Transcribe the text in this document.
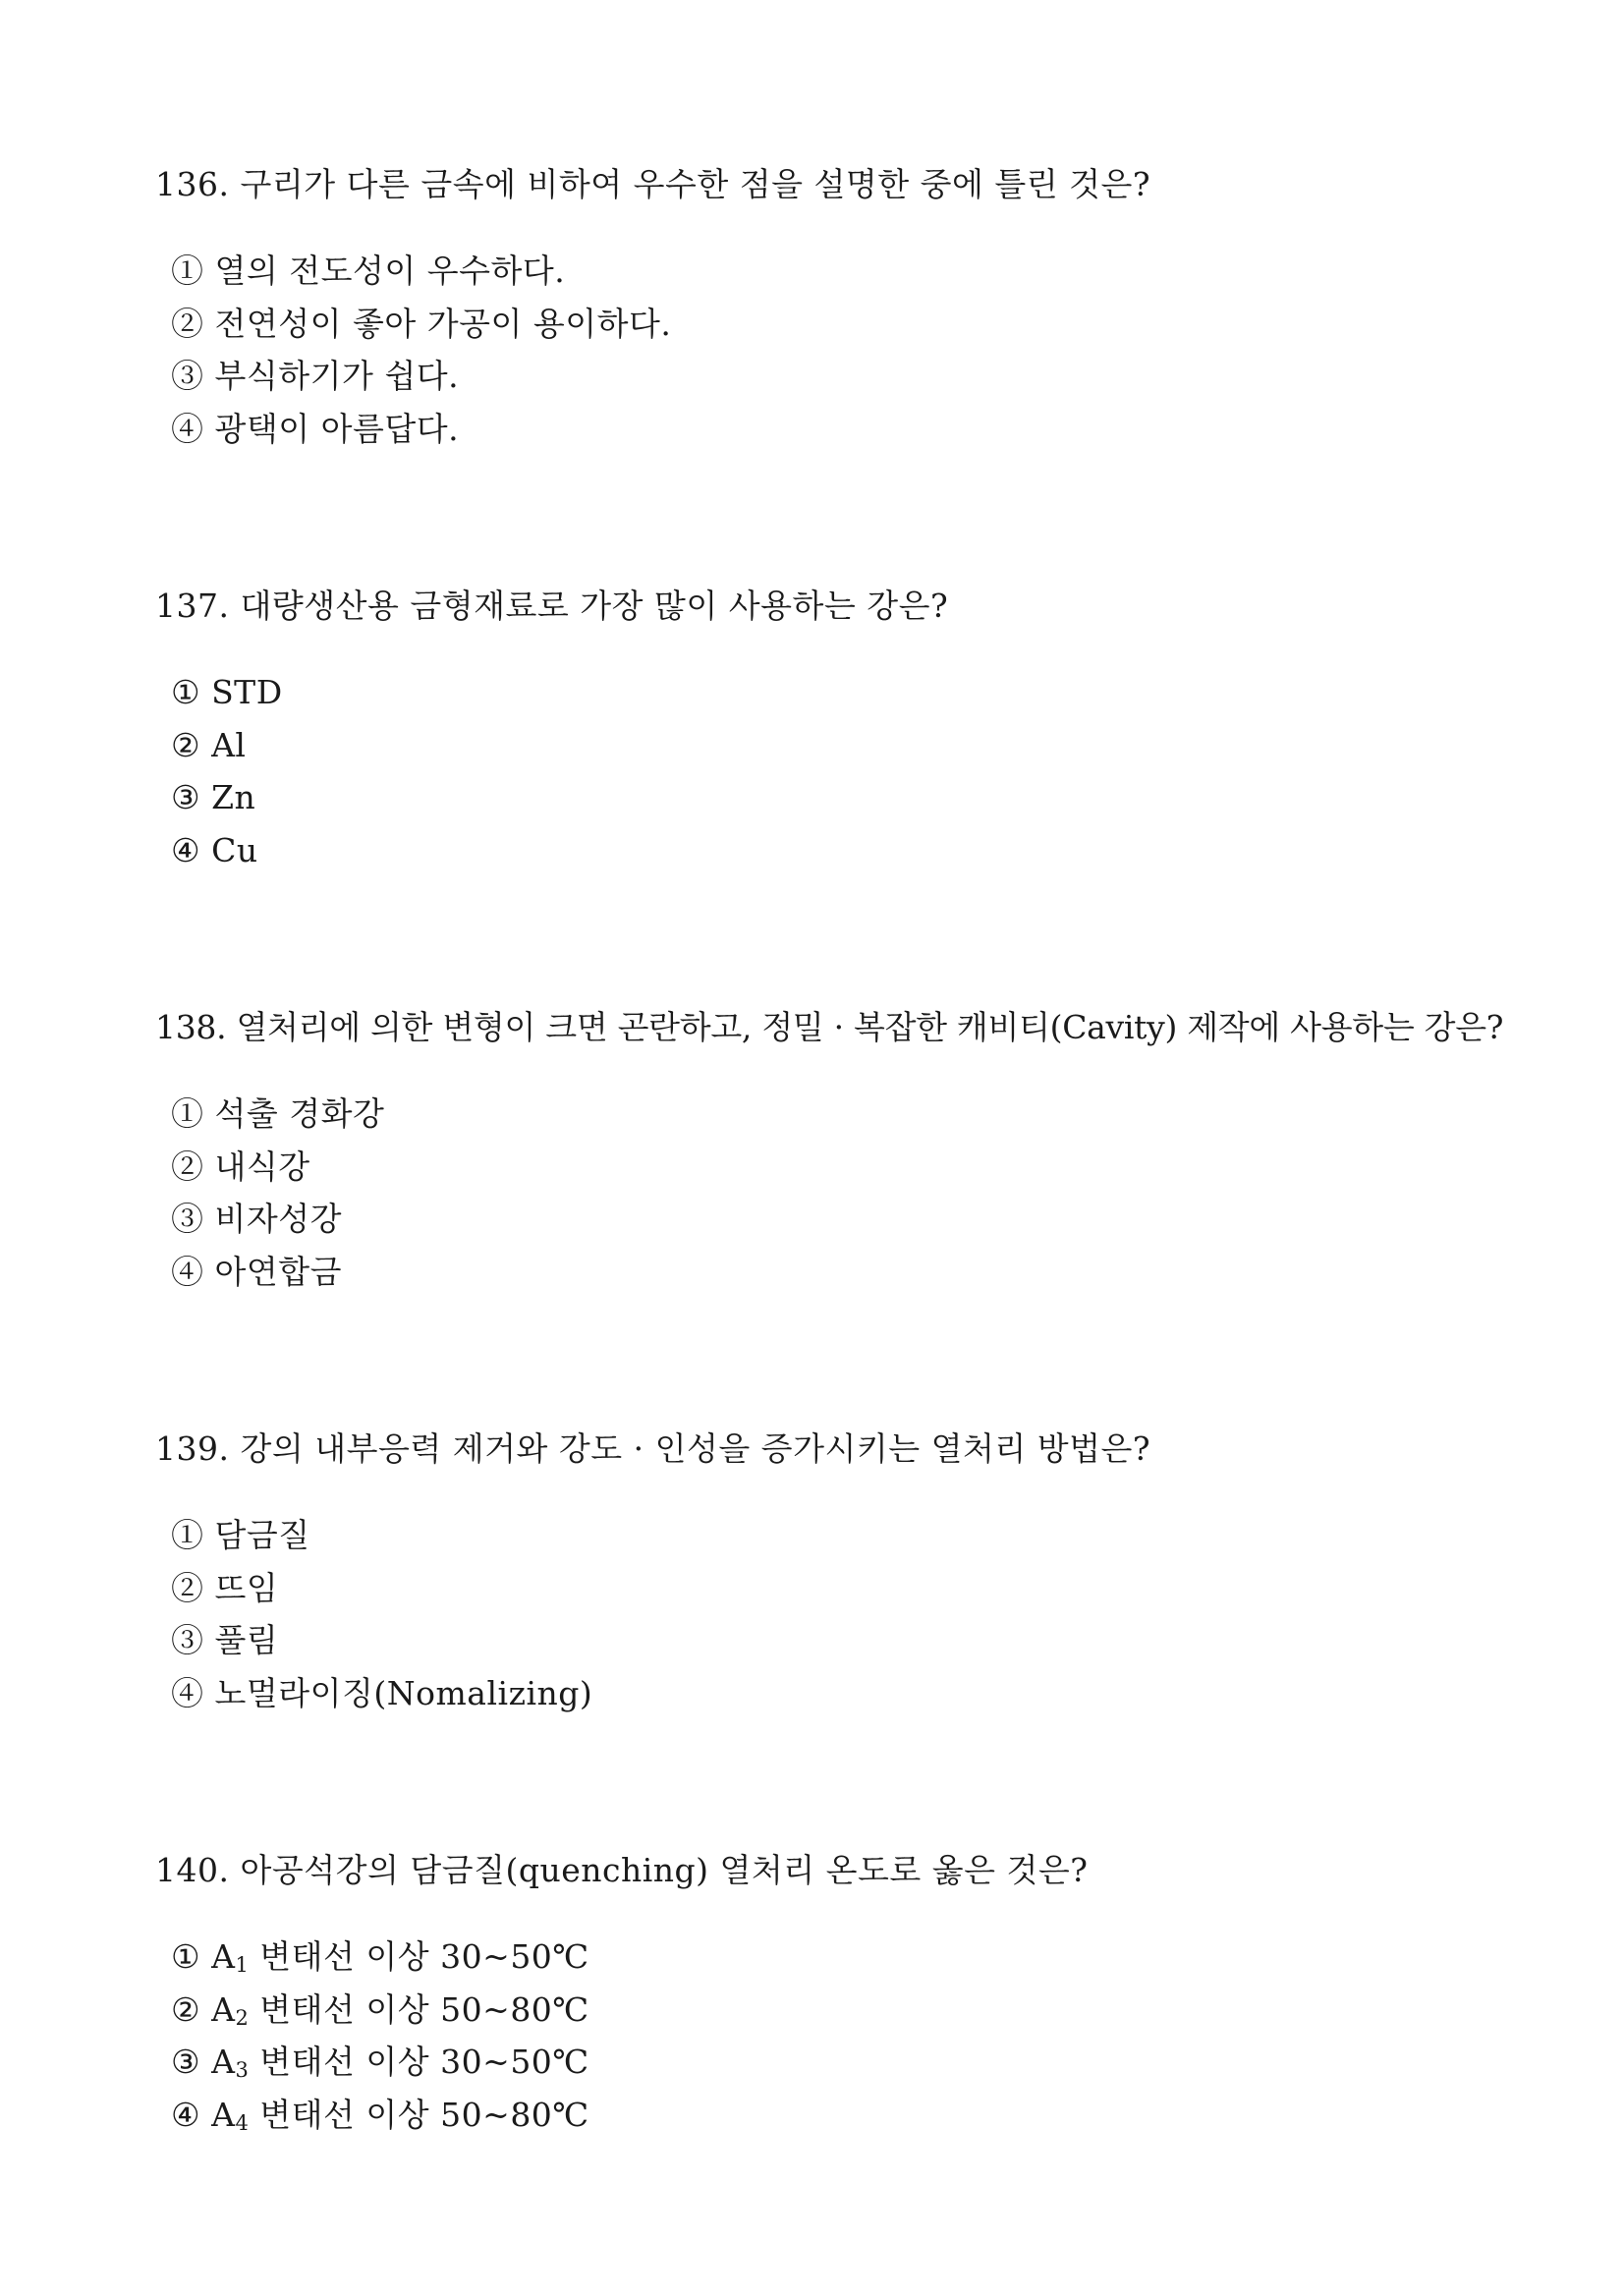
136. 구리가 다른 금속에 비하여 우수한 점을 설명한 중에 틀린 것은?
① 열의 전도성이 우수하다.
② 전연성이 좋아 가공이 용이하다.
③ 부식하기가 쉽다.
④ 광택이 아름답다.
137. 대량생산용 금형재료로 가장 많이 사용하는 강은?
① STD
② Al
③ Zn
④ Cu
138. 열처리에 의한 변형이 크면 곤란하고, 정밀 · 복잡한 캐비티(Cavity) 제작에 사용하는 강은?
① 석출 경화강
② 내식강
③ 비자성강
④ 아연합금
139. 강의 내부응력 제거와 강도 · 인성을 증가시키는 열처리 방법은?
① 담금질
② 뜨임
③ 풀림
④ 노멀라이징(Nomalizing)
140. 아공석강의 담금질(quenching) 열처리 온도로 옳은 것은?
① A1 변태선 이상 30~50℃
② A2 변태선 이상 50~80℃
③ A3 변태선 이상 30~50℃
④ A4 변태선 이상 50~80℃
